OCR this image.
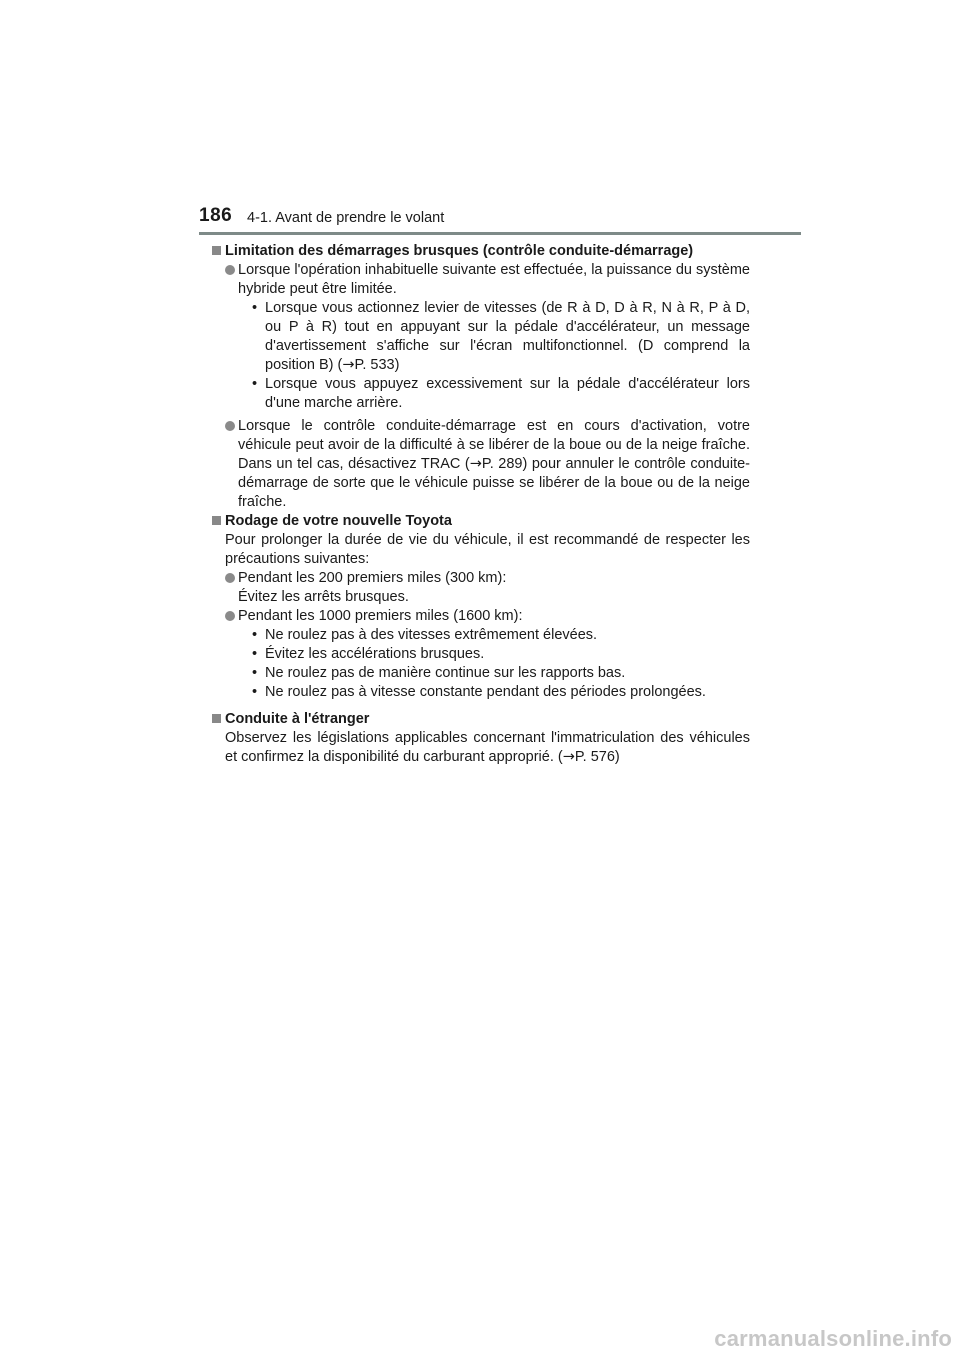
186 4-1. Avant de prendre le volant

Limitation des démarrages brusques (contrôle conduite-démarrage)

Lorsque l'opération inhabituelle suivante est effectuée, la puissance du système hybride peut être limitée.

• Lorsque vous actionnez levier de vitesses (de R à D, D à R, N à R, P à D, ou P à R) tout en appuyant sur la pédale d'accélérateur, un message d'avertissement s'affiche sur l'écran multifonctionnel. (D comprend la position B) (→P. 533)

• Lorsque vous appuyez excessivement sur la pédale d'accélérateur lors d'une marche arrière.

Lorsque le contrôle conduite-démarrage est en cours d'activation, votre véhicule peut avoir de la difficulté à se libérer de la boue ou de la neige fraîche. Dans un tel cas, désactivez TRAC (→P. 289) pour annuler le contrôle conduite-démarrage de sorte que le véhicule puisse se libérer de la boue ou de la neige fraîche.

Rodage de votre nouvelle Toyota

Pour prolonger la durée de vie du véhicule, il est recommandé de respecter les précautions suivantes:

Pendant les 200 premiers miles (300 km):
Évitez les arrêts brusques.

Pendant les 1000 premiers miles (1600 km):

• Ne roulez pas à des vitesses extrêmement élevées.

• Évitez les accélérations brusques.

• Ne roulez pas de manière continue sur les rapports bas.

• Ne roulez pas à vitesse constante pendant des périodes prolongées.

Conduite à l'étranger

Observez les législations applicables concernant l'immatriculation des véhicules et confirmez la disponibilité du carburant approprié. (→P. 576)

carmanualsonline.info
